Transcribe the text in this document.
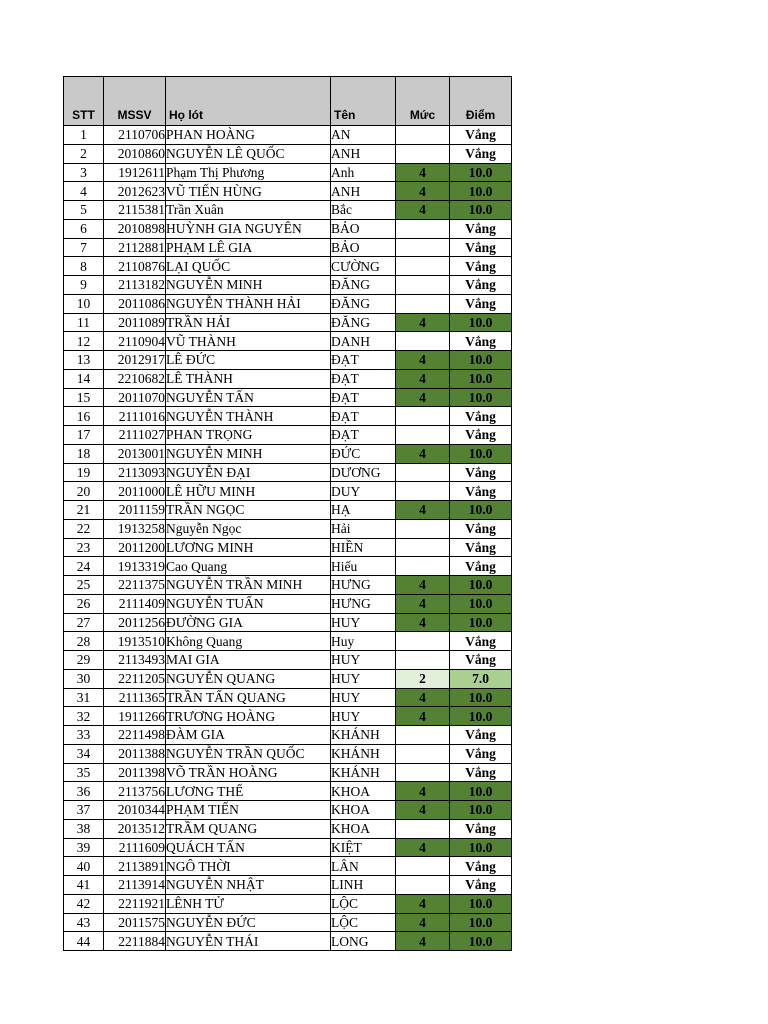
STT	MSSV	Họ lót	Tên	Mức	Điểm
1	2110706	PHAN HOÀNG	AN		Vắng
2	2010860	NGUYỄN LÊ QUỐC	ANH		Vắng
3	1912611	Phạm Thị Phương	Anh	4	10.0
4	2012623	VŨ TIẾN HÙNG	ANH	4	10.0
5	2115381	Trần Xuân	Bắc	4	10.0
6	2010898	HUỲNH GIA NGUYÊN	BẢO		Vắng
7	2112881	PHẠM LÊ GIA	BẢO		Vắng
8	2110876	LẠI QUỐC	CƯỜNG		Vắng
9	2113182	NGUYỄN MINH	ĐĂNG		Vắng
10	2011086	NGUYỄN THÀNH HẢI	ĐĂNG		Vắng
11	2011089	TRẦN HẢI	ĐĂNG	4	10.0
12	2110904	VŨ THÀNH	DANH		Vắng
13	2012917	LÊ ĐỨC	ĐẠT	4	10.0
14	2210682	LÊ THÀNH	ĐẠT	4	10.0
15	2011070	NGUYỄN TẤN	ĐẠT	4	10.0
16	2111016	NGUYỄN THÀNH	ĐẠT		Vắng
17	2111027	PHAN TRỌNG	ĐẠT		Vắng
18	2013001	NGUYỄN MINH	ĐỨC	4	10.0
19	2113093	NGUYỄN ĐẠI	DƯƠNG		Vắng
20	2011000	LÊ HỮU MINH	DUY		Vắng
21	2011159	TRẦN NGỌC	HẠ	4	10.0
22	1913258	Nguyễn Ngọc	Hải		Vắng
23	2011200	LƯƠNG MINH	HIỀN		Vắng
24	1913319	Cao Quang	Hiếu		Vắng
25	2211375	NGUYỄN TRẦN MINH	HƯNG	4	10.0
26	2111409	NGUYỄN TUẤN	HƯNG	4	10.0
27	2011256	ĐƯỜNG GIA	HUY	4	10.0
28	1913510	Không Quang	Huy		Vắng
29	2113493	MAI GIA	HUY		Vắng
30	2211205	NGUYỄN QUANG	HUY	2	7.0
31	2111365	TRẦN TẤN QUANG	HUY	4	10.0
32	1911266	TRƯƠNG HOÀNG	HUY	4	10.0
33	2211498	ĐÀM GIA	KHÁNH		Vắng
34	2011388	NGUYỄN TRẦN QUỐC	KHÁNH		Vắng
35	2011398	VÕ TRẦN HOÀNG	KHÁNH		Vắng
36	2113756	LƯƠNG THẾ	KHOA	4	10.0
37	2010344	PHẠM TIẾN	KHOA	4	10.0
38	2013512	TRẦM QUANG	KHOA		Vắng
39	2111609	QUÁCH TẤN	KIỆT	4	10.0
40	2113891	NGÔ THỜI	LÂN		Vắng
41	2113914	NGUYỄN NHẬT	LINH		Vắng
42	2211921	LÊNH TỬ	LỘC	4	10.0
43	2011575	NGUYỄN ĐỨC	LỘC	4	10.0
44	2211884	NGUYỄN THÁI	LONG	4	10.0
